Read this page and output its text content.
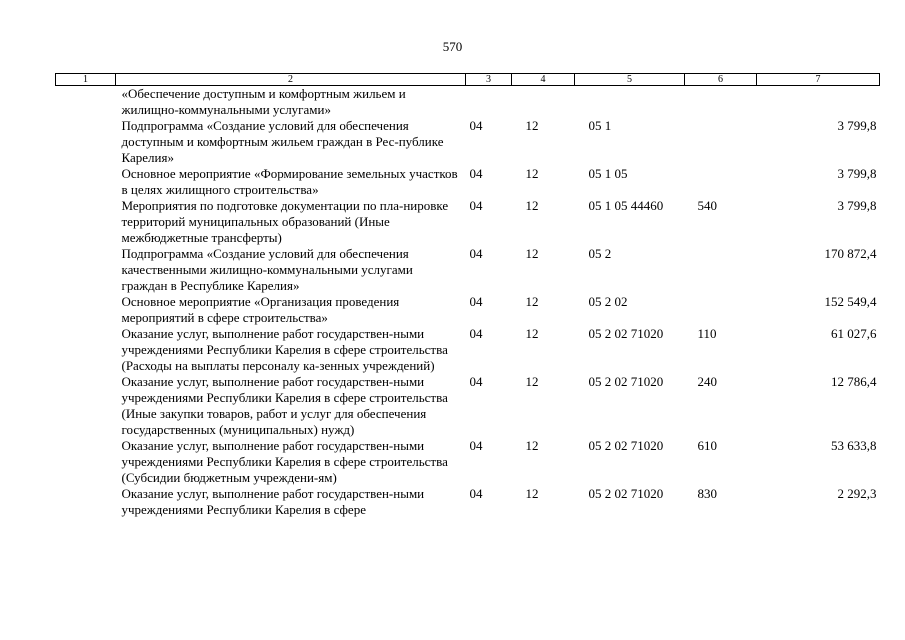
570
1	2	3	4	5	6	7
	«Обеспечение доступным и комфортным жильем и жилищно-коммунальными услугами»					
	Подпрограмма «Создание условий для обеспечения доступным и комфортным жильем граждан в Рес-публике Карелия»	04	12	05 1		3 799,8
	Основное мероприятие «Формирование земельных участков в целях жилищного строительства»	04	12	05 1 05		3 799,8
	Мероприятия по подготовке документации по пла-нировке территорий муниципальных образований (Иные межбюджетные трансферты)	04	12	05 1 05 44460	540	3 799,8
	Подпрограмма «Создание условий для обеспечения качественными жилищно-коммунальными услугами граждан в Республике Карелия»	04	12	05 2		170 872,4
	Основное мероприятие «Организация проведения мероприятий в сфере строительства»	04	12	05 2 02		152 549,4
	Оказание услуг, выполнение работ государствен-ными учреждениями Республики Карелия в сфере строительства (Расходы на выплаты персоналу ка-зенных учреждений)	04	12	05 2 02 71020	110	61 027,6
	Оказание услуг, выполнение работ государствен-ными учреждениями Республики Карелия в сфере строительства (Иные закупки товаров, работ и услуг для обеспечения государственных (муниципальных) нужд)	04	12	05 2 02 71020	240	12 786,4
	Оказание услуг, выполнение работ государствен-ными учреждениями Республики Карелия в сфере строительства (Субсидии бюджетным учреждени-ям)	04	12	05 2 02 71020	610	53 633,8
	Оказание услуг, выполнение работ государствен-ными учреждениями Республики Карелия в сфере	04	12	05 2 02 71020	830	2 292,3
